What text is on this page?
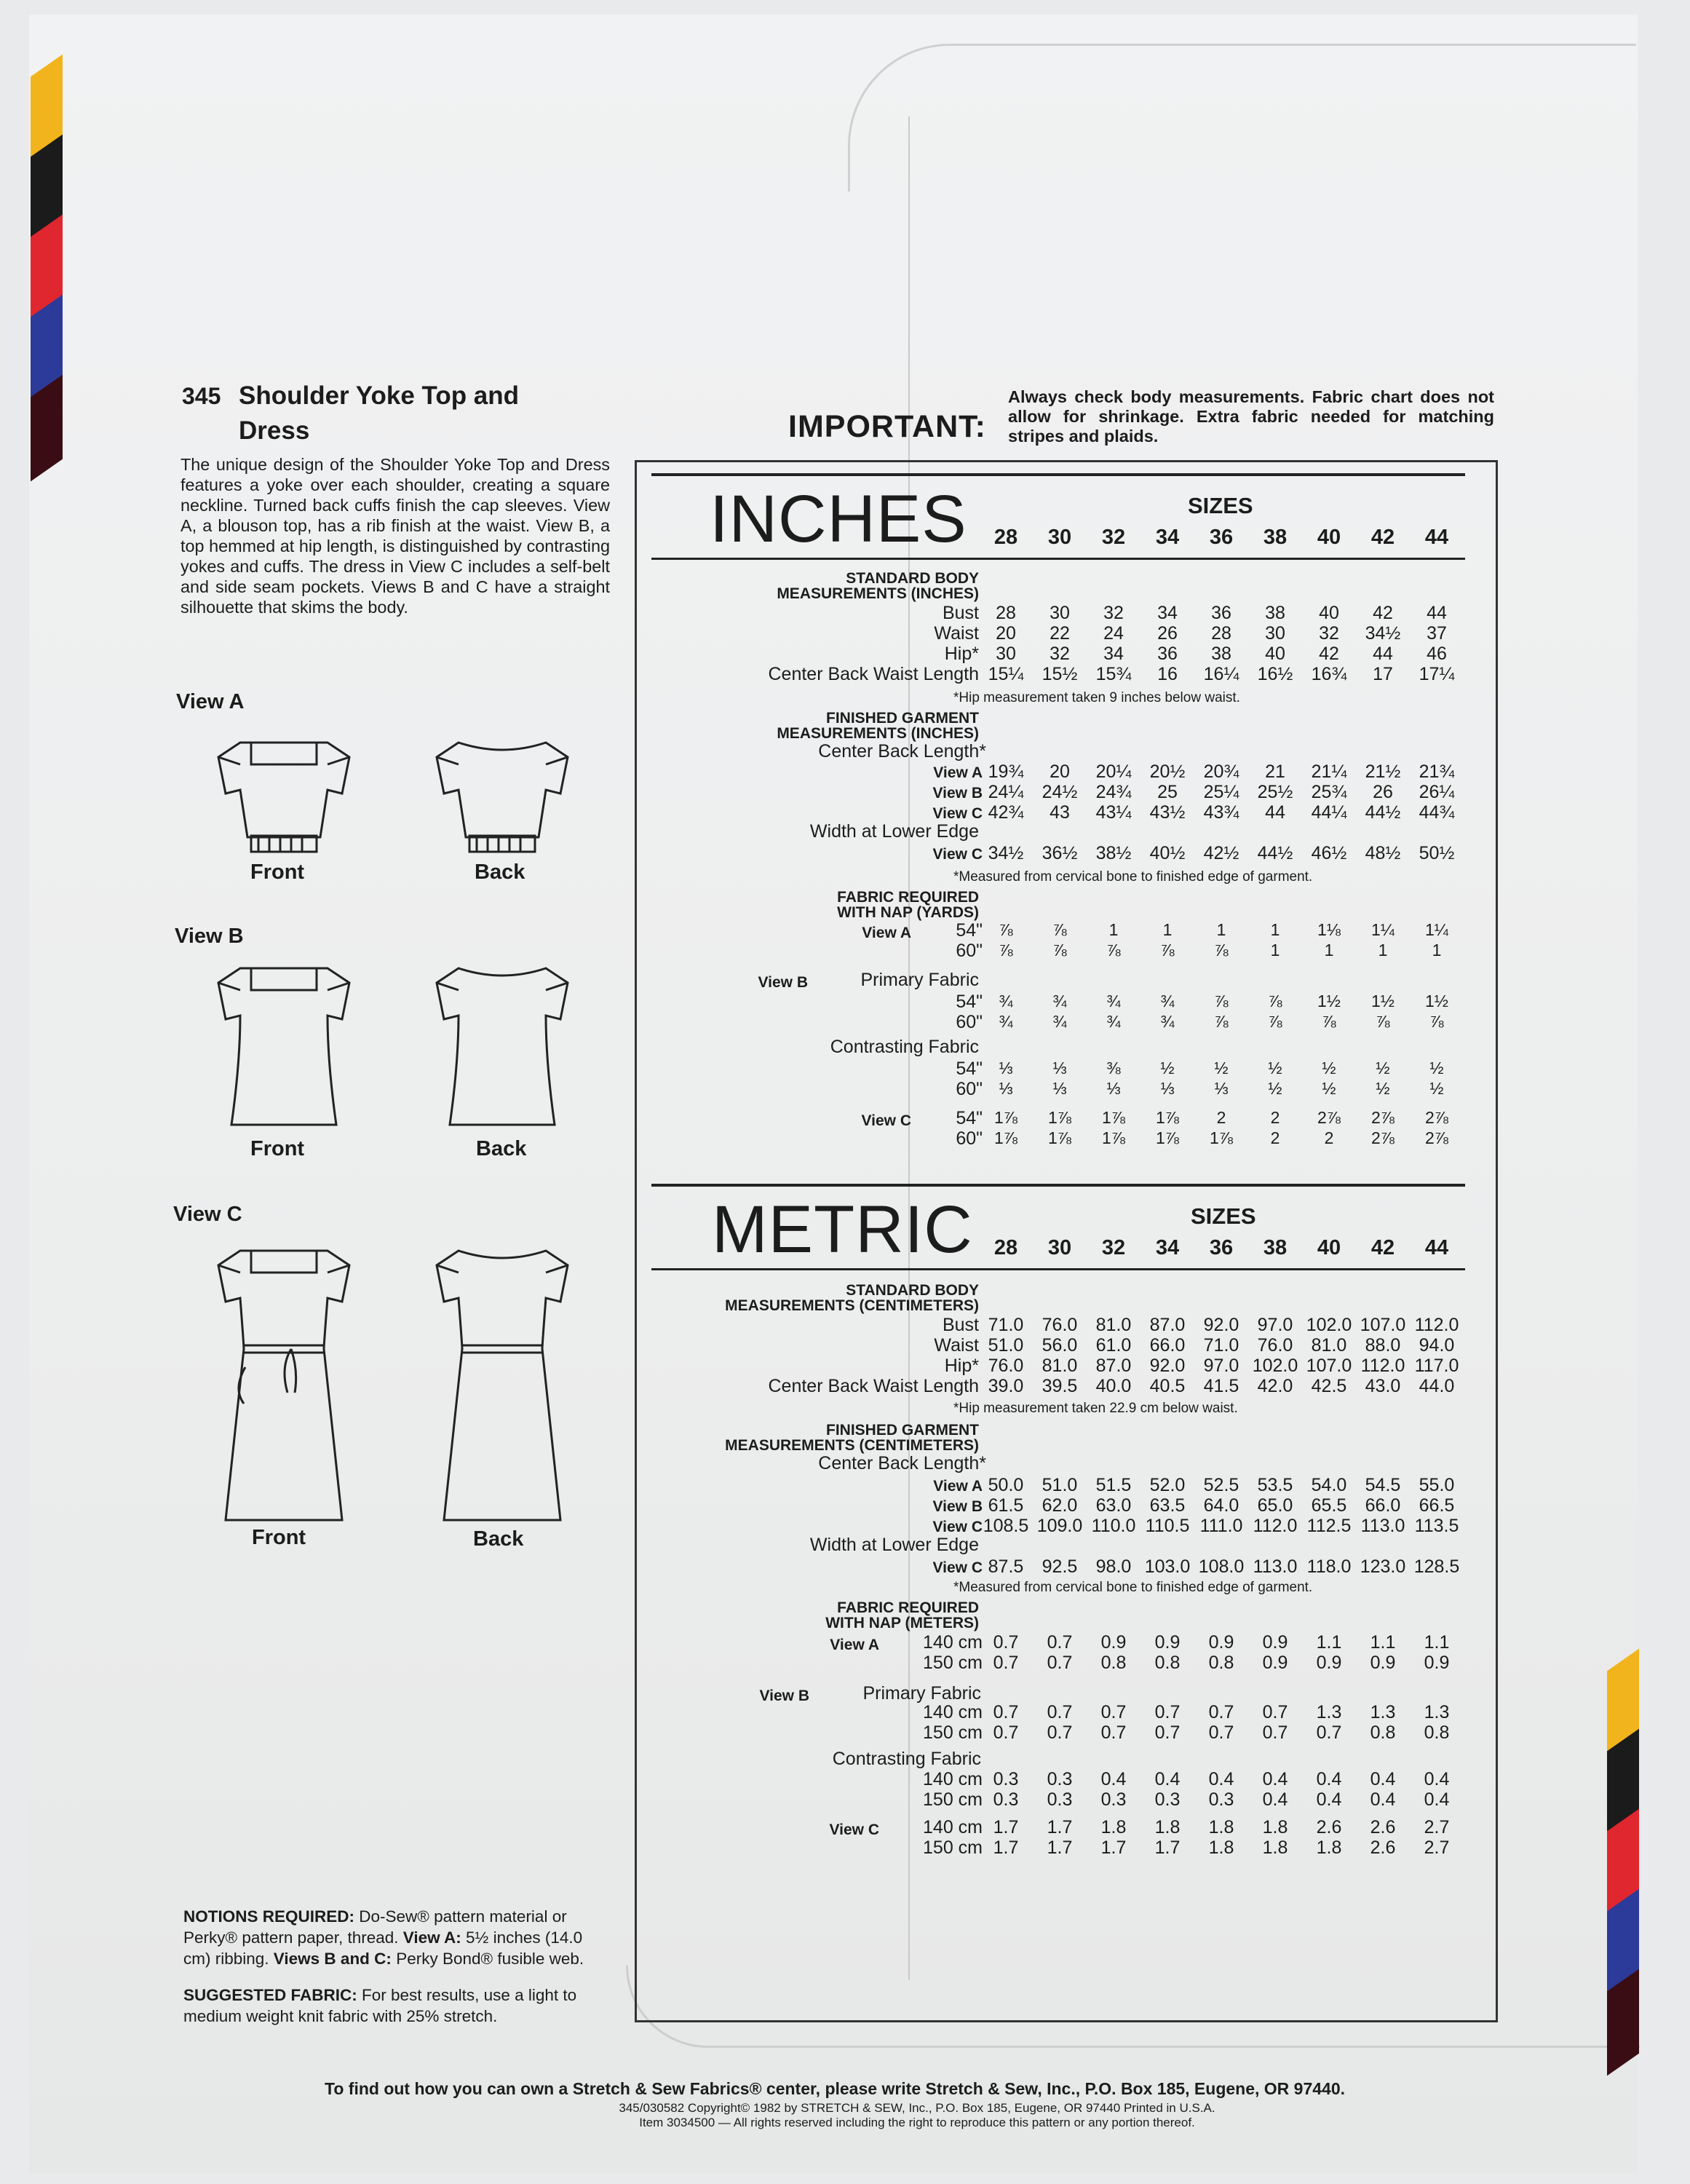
345 Shoulder Yoke Top and Dress
The unique design of the Shoulder Yoke Top and Dress features a yoke over each shoulder, creating a square neckline. Turned back cuffs finish the cap sleeves. View A, a blouson top, has a rib finish at the waist. View B, a top hemmed at hip length, is distinguished by contrasting yokes and cuffs. The dress in View C includes a self-belt and side seam pockets. Views B and C have a straight silhouette that skims the body.
View A
Front	Back
View B
Front	Back
View C
Front	Back
NOTIONS REQUIRED: Do-Sew® pattern material or Perky® pattern paper, thread. View A: 5½ inches (14.0 cm) ribbing. Views B and C: Perky Bond® fusible web.
SUGGESTED FABRIC: For best results, use a light to medium weight knit fabric with 25% stretch.
IMPORTANT:
Always check body measurements. Fabric chart does not allow for shrinkage. Extra fabric needed for matching stripes and plaids.
INCHES	SIZES
28	30	32	34	36	38	40	42	44
STANDARD BODY
MEASUREMENTS (INCHES)
Bust 28	30	32	34	36	38	40	42	44
Waist 20	22	24	26	28	30	32	34½	37
Hip* 30	32	34	36	38	40	42	44	46
Center Back Waist Length 15¼	15½	15¾	16	16¼	16½	16¾	17	17¼
*Hip measurement taken 9 inches below waist.
FINISHED GARMENT
MEASUREMENTS (INCHES)
Center Back Length*
View A 19¾	20	20¼	20½	20¾	21	21¼	21½	21¾
View B 24¼	24½	24¾	25	25¼	25½	25¾	26	26¼
View C 42¾	43	43¼	43½	43¾	44	44¼	44½	44¾
Width at Lower Edge
View C 34½	36½	38½	40½	42½	44½	46½	48½	50½
*Measured from cervical bone to finished edge of garment.
FABRIC REQUIRED
WITH NAP (YARDS)
View A	54" ⅞	⅞	1	1	1	1	1⅛	1¼	1¼
60" ⅞	⅞	⅞	⅞	⅞	1	1	1	1
View B	Primary Fabric
54" ¾	¾	¾	¾	⅞	⅞	1½	1½	1½
60" ¾	¾	¾	¾	⅞	⅞	⅞	⅞	⅞
Contrasting Fabric
54" ⅓	⅓	⅜	½	½	½	½	½	½
60" ⅓	⅓	⅓	⅓	⅓	½	½	½	½
View C	54" 1⅞	1⅞	1⅞	1⅞	2	2	2⅞	2⅞	2⅞
60" 1⅞	1⅞	1⅞	1⅞	1⅞	2	2	2⅞	2⅞
METRIC	SIZES
28	30	32	34	36	38	40	42	44
STANDARD BODY
MEASUREMENTS (CENTIMETERS)
Bust 71.0	76.0	81.0	87.0	92.0	97.0 102.0 107.0 112.0
Waist 51.0	56.0	61.0	66.0	71.0	76.0	81.0	88.0	94.0
Hip* 76.0	81.0	87.0	92.0	97.0 102.0 107.0 112.0 117.0
Center Back Waist Length 39.0	39.5	40.0	40.5	41.5	42.0	42.5	43.0	44.0
*Hip measurement taken 22.9 cm below waist.
FINISHED GARMENT
MEASUREMENTS (CENTIMETERS)
Center Back Length*
View A 50.0	51.0	51.5	52.0	52.5	53.5	54.0	54.5	55.0
View B 61.5	62.0	63.0	63.5	64.0	65.0	65.5	66.0	66.5
View C 108.5 109.0 110.0 110.5 111.0 112.0 112.5 113.0 113.5
Width at Lower Edge
View C 87.5	92.5	98.0 103.0 108.0 113.0 118.0 123.0 128.5
*Measured from cervical bone to finished edge of garment.
FABRIC REQUIRED
WITH NAP (METERS)
View A	140 cm 0.7	0.7	0.9	0.9	0.9	0.9	1.1	1.1	1.1
150 cm 0.7	0.7	0.8	0.8	0.8	0.9	0.9	0.9	0.9
View B	Primary Fabric
140 cm 0.7	0.7	0.7	0.7	0.7	0.7	1.3	1.3	1.3
150 cm 0.7	0.7	0.7	0.7	0.7	0.7	0.7	0.8	0.8
Contrasting Fabric
140 cm 0.3	0.3	0.4	0.4	0.4	0.4	0.4	0.4	0.4
150 cm 0.3	0.3	0.3	0.3	0.3	0.4	0.4	0.4	0.4
View C	140 cm 1.7	1.7	1.8	1.8	1.8	1.8	2.6	2.6	2.7
150 cm 1.7	1.7	1.7	1.7	1.8	1.8	1.8	2.6	2.7
To find out how you can own a Stretch & Sew Fabrics® center, please write Stretch & Sew, Inc., P.O. Box 185, Eugene, OR 97440.
345/030582 Copyright© 1982 by STRETCH & SEW, Inc., P.O. Box 185, Eugene, OR 97440 Printed in U.S.A.
Item 3034500 — All rights reserved including the right to reproduce this pattern or any portion thereof.
